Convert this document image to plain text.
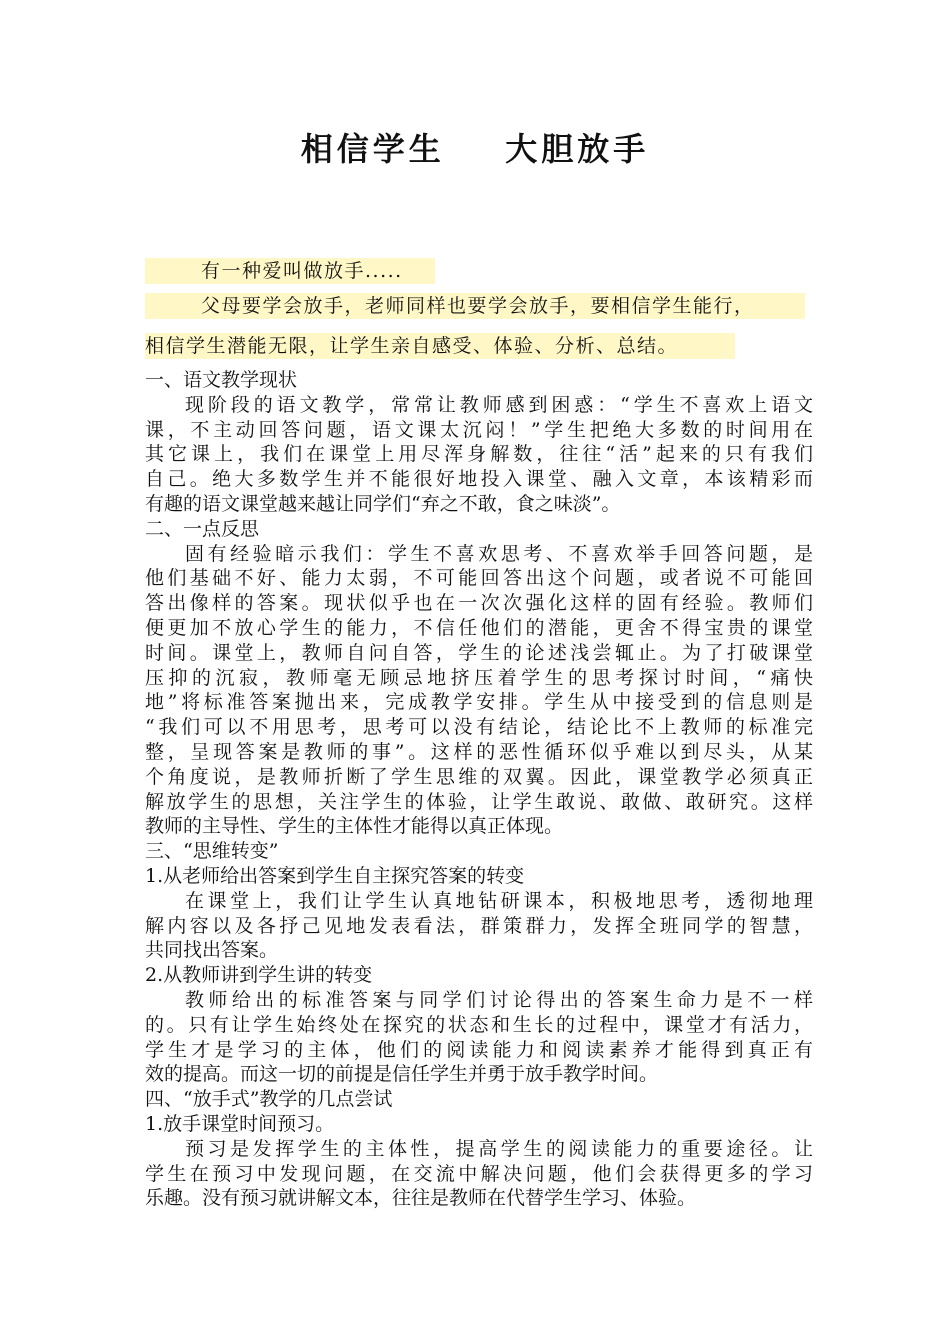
相信学生    大胆放手
有一种爱叫做放手.....
父母要学会放手，老师同样也要学会放手，要相信学生能行，
相信学生潜能无限，让学生亲自感受、体验、分析、总结。
一、语文教学现状
现阶段的语文教学，常常让教师感到困惑：“学生不喜欢上语文
课，不主动回答问题，语文课太沉闷！”学生把绝大多数的时间用在
其它课上，我们在课堂上用尽浑身解数，往往“活”起来的只有我们
自己。绝大多数学生并不能很好地投入课堂、融入文章，本该精彩而
有趣的语文课堂越来越让同学们“弃之不敢，食之味淡”。
二、一点反思
固有经验暗示我们：学生不喜欢思考、不喜欢举手回答问题，是
他们基础不好、能力太弱，不可能回答出这个问题，或者说不可能回
答出像样的答案。现状似乎也在一次次强化这样的固有经验。教师们
便更加不放心学生的能力，不信任他们的潜能，更舍不得宝贵的课堂
时间。课堂上，教师自问自答，学生的论述浅尝辄止。为了打破课堂
压抑的沉寂，教师毫无顾忌地挤压着学生的思考探讨时间，“痛快
地”将标准答案抛出来，完成教学安排。学生从中接受到的信息则是
“我们可以不用思考，思考可以没有结论，结论比不上教师的标准完
整，呈现答案是教师的事”。这样的恶性循环似乎难以到尽头，从某
个角度说，是教师折断了学生思维的双翼。因此，课堂教学必须真正
解放学生的思想，关注学生的体验，让学生敢说、敢做、敢研究。这样
教师的主导性、学生的主体性才能得以真正体现。
三、“思维转变”
1.从老师给出答案到学生自主探究答案的转变
在课堂上，我们让学生认真地钻研课本，积极地思考，透彻地理
解内容以及各抒己见地发表看法，群策群力，发挥全班同学的智慧，
共同找出答案。
2.从教师讲到学生讲的转变
教师给出的标准答案与同学们讨论得出的答案生命力是不一样
的。只有让学生始终处在探究的状态和生长的过程中，课堂才有活力，
学生才是学习的主体，他们的阅读能力和阅读素养才能得到真正有
效的提高。而这一切的前提是信任学生并勇于放手教学时间。
四、“放手式”教学的几点尝试
1.放手课堂时间预习。
预习是发挥学生的主体性，提高学生的阅读能力的重要途径。让
学生在预习中发现问题，在交流中解决问题，他们会获得更多的学习
乐趣。没有预习就讲解文本，往往是教师在代替学生学习、体验。
